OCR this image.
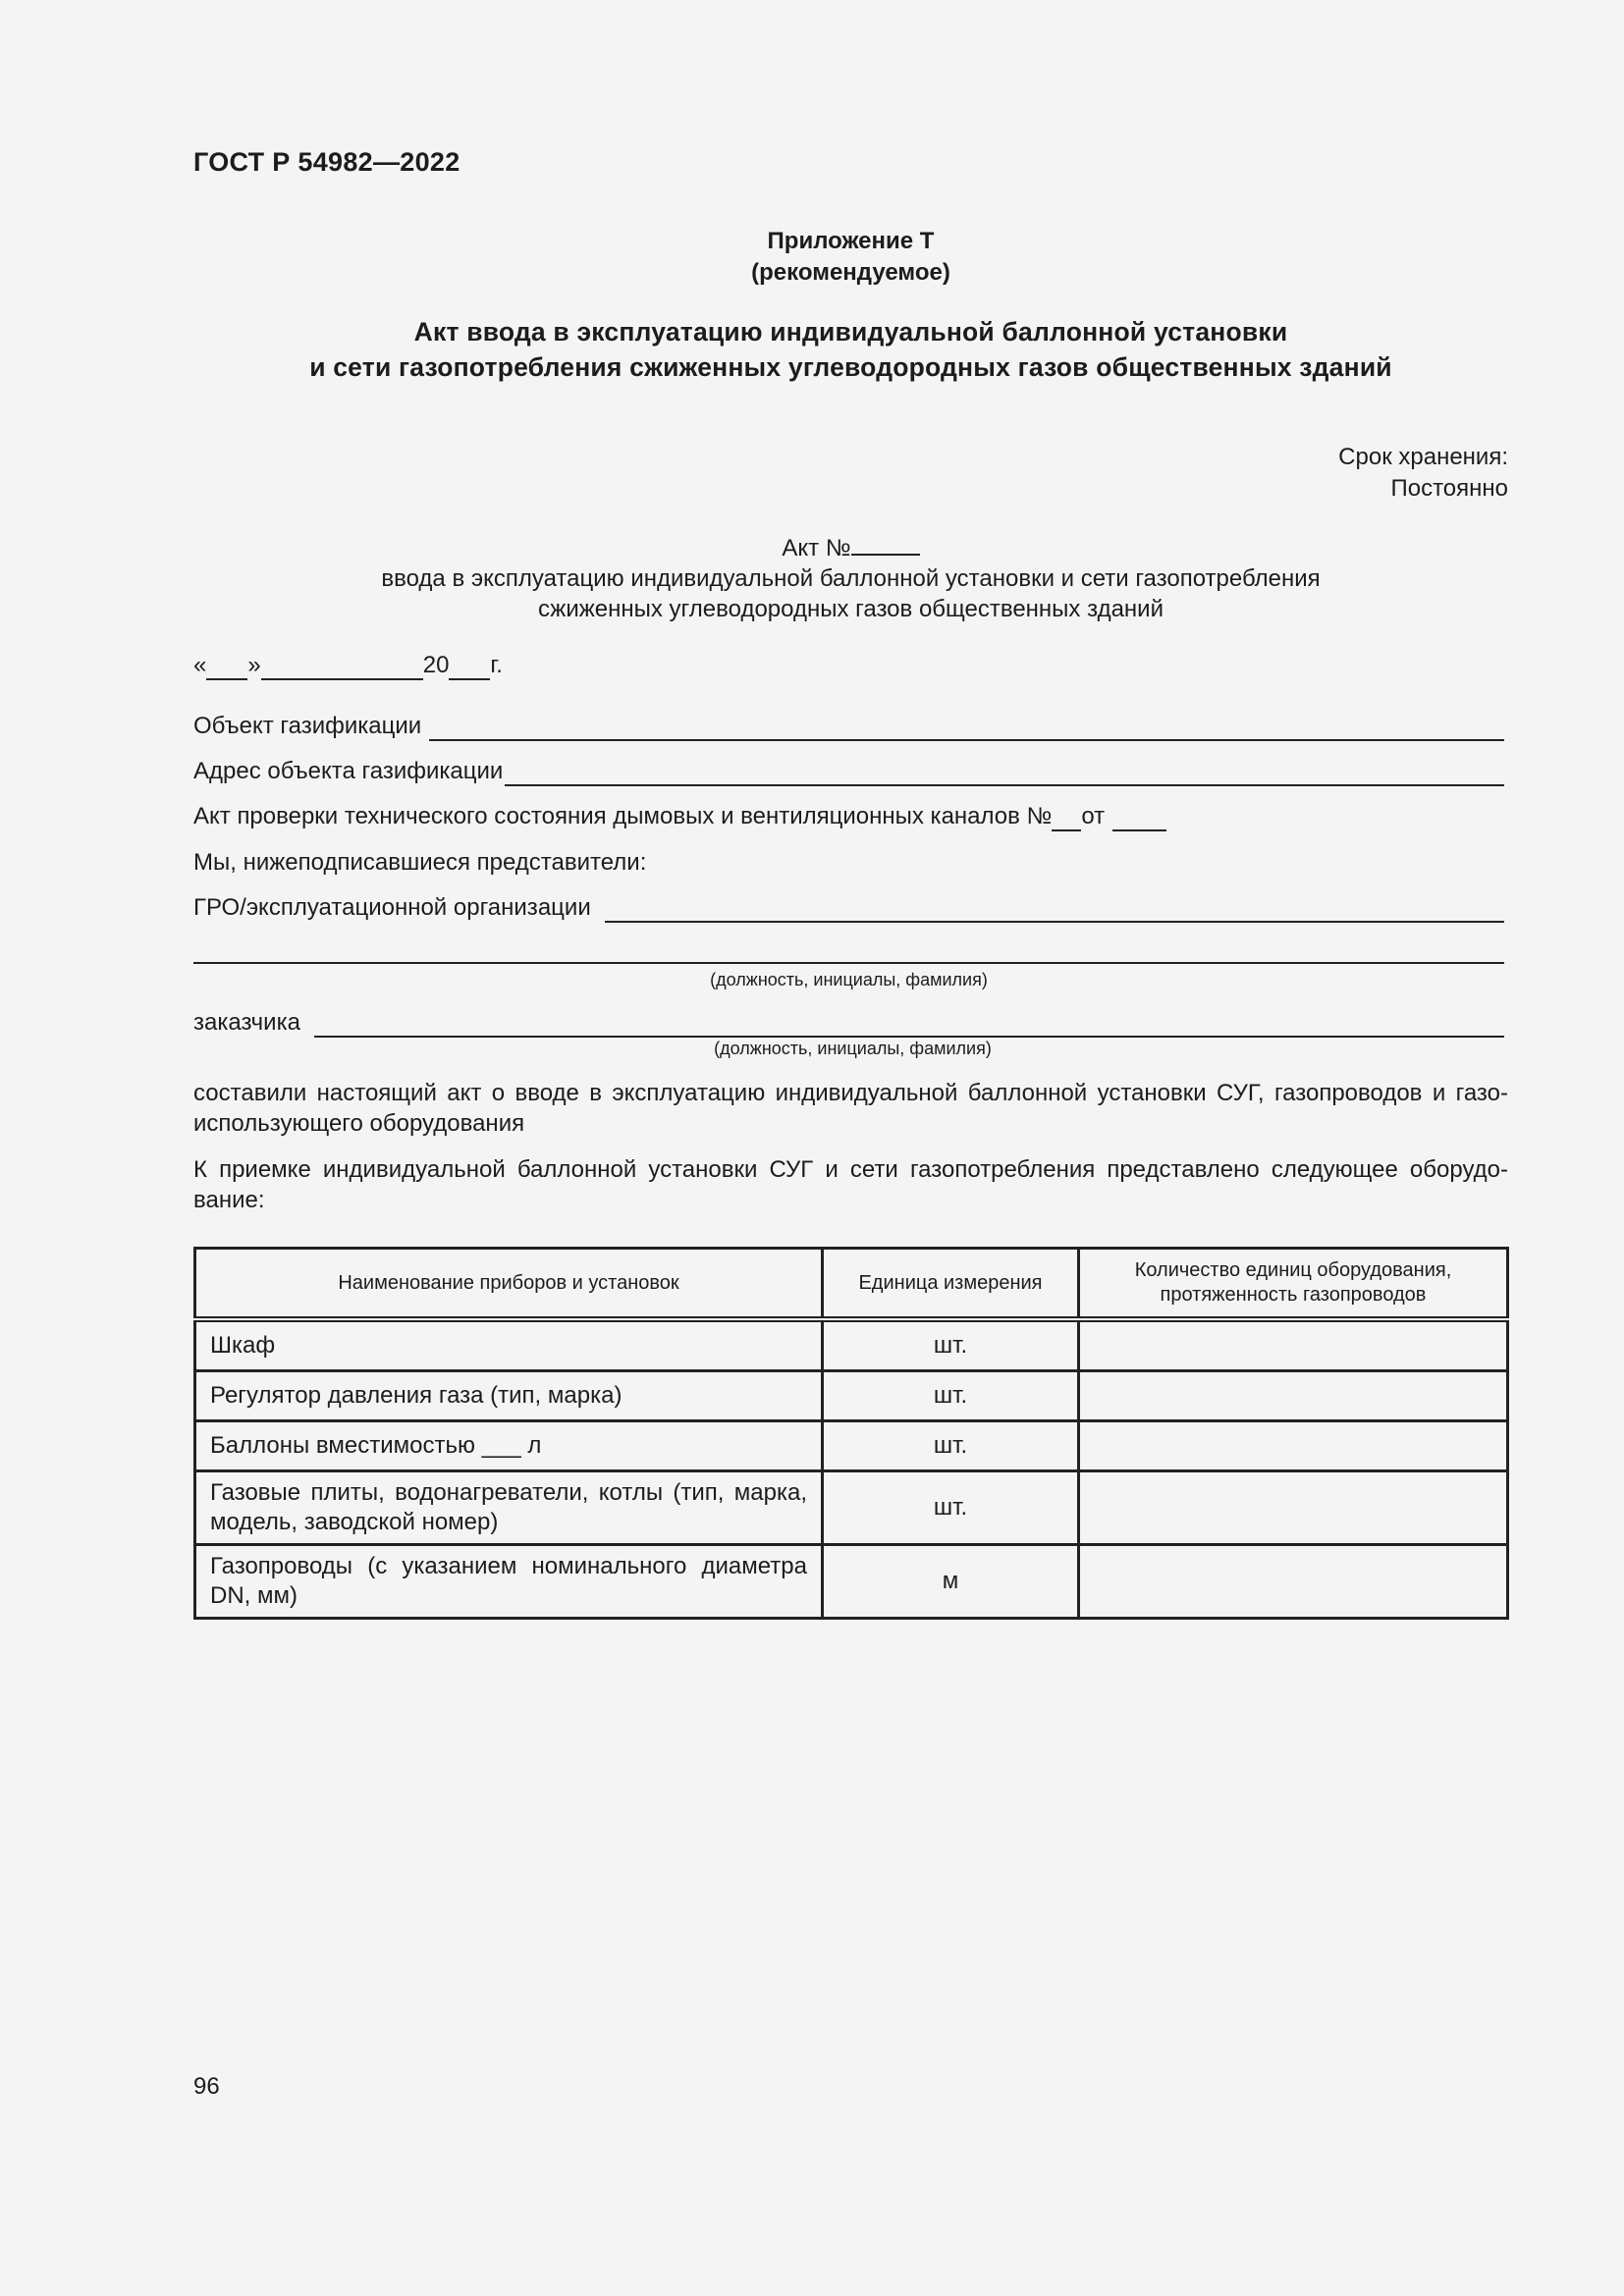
ГОСТ Р 54982—2022
Приложение Т
(рекомендуемое)
Акт ввода в эксплуатацию индивидуальной баллонной установки
и сети газопотребления сжиженных углеводородных газов общественных зданий
Срок хранения:
Постоянно
Акт №
ввода в эксплуатацию индивидуальной баллонной установки и сети газопотребления
сжиженных углеводородных газов общественных зданий
« »	20 г.
Объект газификации
Адрес объекта газификации
Акт проверки технического состояния дымовых и вентиляционных каналов № от
Мы, нижеподписавшиеся представители:
ГРО/эксплуатационной организации
(должность, инициалы, фамилия)
заказчика
(должность, инициалы, фамилия)
составили настоящий акт о вводе в эксплуатацию индивидуальной баллонной установки СУГ, газопроводов и газоиспользующего оборудования
К приемке индивидуальной баллонной установки СУГ и сети газопотребления представлено следующее оборудование:
Наименование приборов и установок	Единица измерения	Количество единиц оборудования, протяженность газопроводов
Шкаф	шт.	
Регулятор давления газа (тип, марка)	шт.	
Баллоны вместимостью ___ л	шт.	
Газовые плиты, водонагреватели, котлы (тип, марка, модель, заводской номер)	шт.	
Газопроводы (с указанием номинального диаметра DN, мм)	м	
96
